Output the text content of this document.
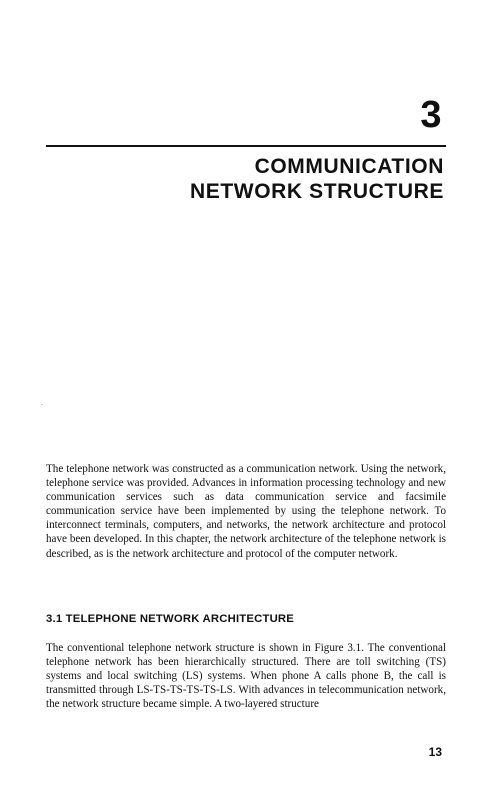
3
COMMUNICATION
NETWORK STRUCTURE

The telephone network was constructed as a communication network. Using the network, telephone service was provided. Advances in information processing technology and new communication services such as data communication service and facsimile communication service have been implemented by using the telephone network. To interconnect terminals, computers, and networks, the network architecture and protocol have been developed. In this chapter, the network architecture of the telephone network is described, as is the network architecture and protocol of the computer network.

3.1 TELEPHONE NETWORK ARCHITECTURE

The conventional telephone network structure is shown in Figure 3.1. The conventional telephone network has been hierarchically structured. There are toll switching (TS) systems and local switching (LS) systems. When phone A calls phone B, the call is transmitted through LS-TS-TS-TS-TS-LS. With advances in telecommunication network, the network structure became simple. A two-layered structure

13
